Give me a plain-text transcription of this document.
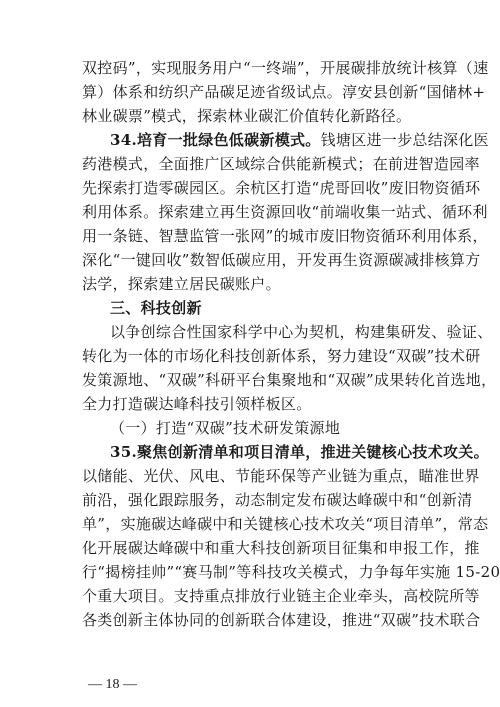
双控码”，实现服务用户“一终端”，开展碳排放统计核算（速
算）体系和纺织产品碳足迹省级试点。淳安县创新“国储林+
林业碳票”模式，探索林业碳汇价值转化新路径。
34.培育一批绿色低碳新模式。钱塘区进一步总结深化医
药港模式，全面推广区域综合供能新模式；在前进智造园率
先探索打造零碳园区。余杭区打造“虎哥回收”废旧物资循环
利用体系。探索建立再生资源回收“前端收集一站式、循环利
用一条链、智慧监管一张网”的城市废旧物资循环利用体系，
深化“一键回收”数智低碳应用，开发再生资源碳减排核算方
法学，探索建立居民碳账户。
三、科技创新
以争创综合性国家科学中心为契机，构建集研发、验证、
转化为一体的市场化科技创新体系，努力建设“双碳”技术研
发策源地、“双碳”科研平台集聚地和“双碳”成果转化首选地，
全力打造碳达峰科技引领样板区。
（一）打造“双碳”技术研发策源地
35.聚焦创新清单和项目清单，推进关键核心技术攻关。
以储能、光伏、风电、节能环保等产业链为重点，瞄准世界
前沿，强化跟踪服务，动态制定发布碳达峰碳中和“创新清
单”，实施碳达峰碳中和关键核心技术攻关“项目清单”，常态
化开展碳达峰碳中和重大科技创新项目征集和申报工作，推
行“揭榜挂帅”“赛马制”等科技攻关模式，力争每年实施 15-20
个重大项目。支持重点排放行业链主企业牵头，高校院所等
各类创新主体协同的创新联合体建设，推进“双碳”技术联合
— 18 —
